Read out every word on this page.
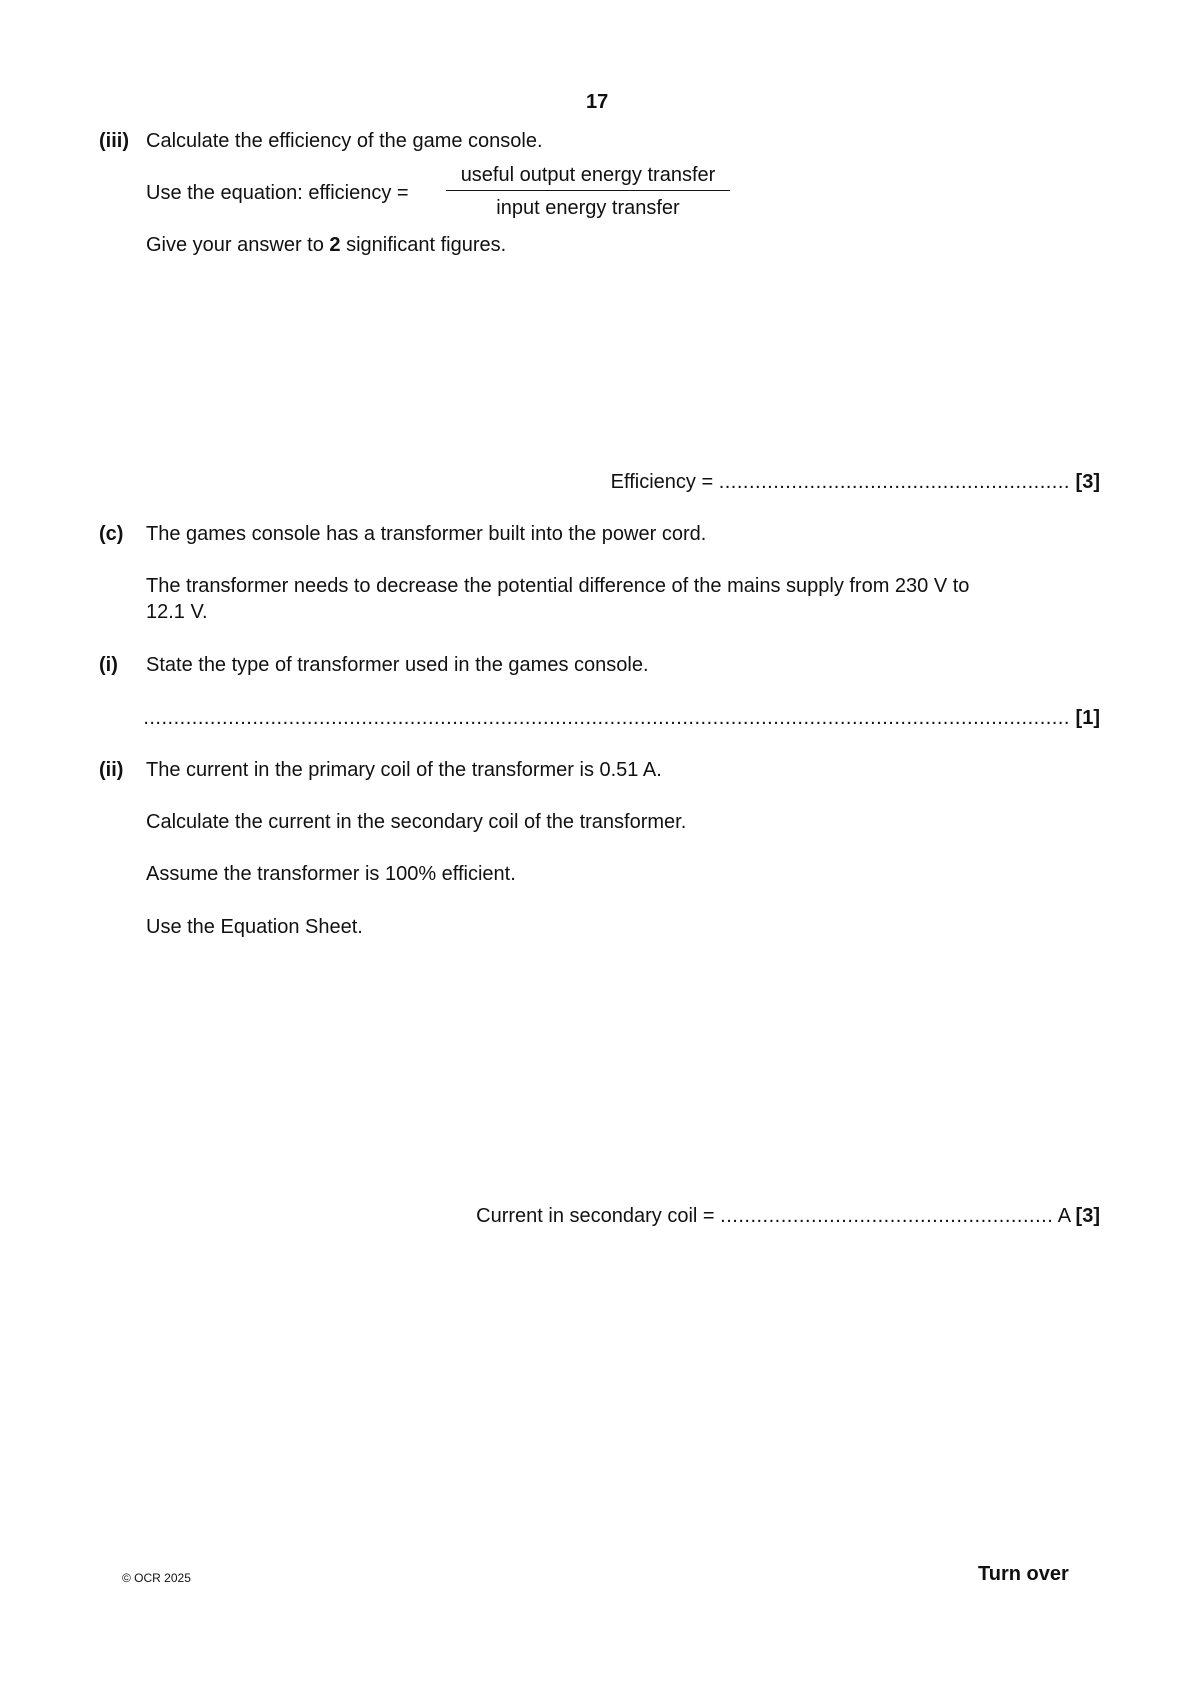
17
(iii) Calculate the efficiency of the game console.
Use the equation: efficiency =
useful output energy transfer
input energy transfer
Give your answer to 2 significant figures.
Efficiency = .......................................................... [3]
(c) The games console has a transformer built into the power cord.
The transformer needs to decrease the potential difference of the mains supply from 230 V to
12.1 V.
(i) State the type of transformer used in the games console.
......................................................................................................................................................... [1]
(ii) The current in the primary coil of the transformer is 0.51 A.
Calculate the current in the secondary coil of the transformer.
Assume the transformer is 100% efficient.
Use the Equation Sheet.
Current in secondary coil = ....................................................... A [3]
© OCR 2025	Turn over
